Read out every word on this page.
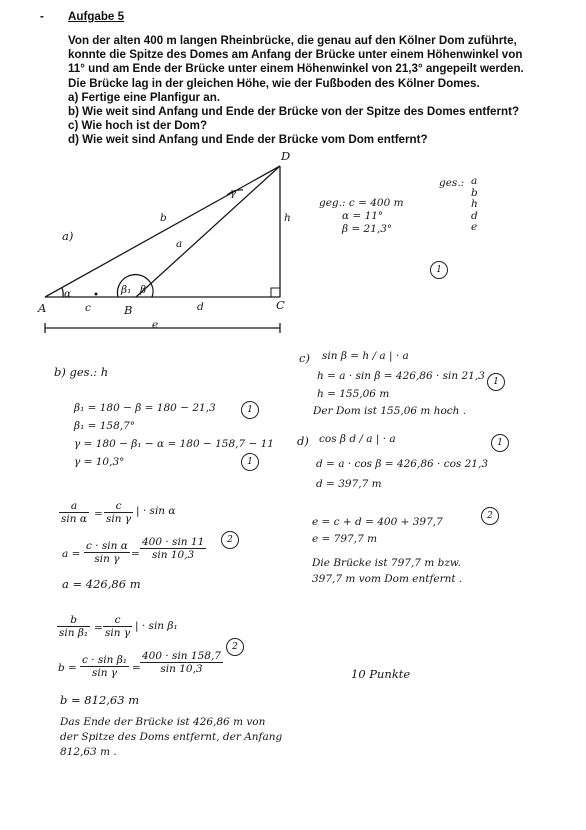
- Aufgabe 5

Von der alten 400 m langen Rheinbrücke, die genau auf den Kölner Dom zuführte,

konnte die Spitze des Domes am Anfang der Brücke unter einem Höhenwinkel von

11° und am Ende der Brücke unter einem Höhenwinkel von 21,3° angepeilt werden.

Die Brücke lag in der gleichen Höhe, wie der Fußboden des Kölner Domes.

a) Fertige eine Planfigur an.

b) Wie weit sind Anfang und Ende der Brücke von der Spitze des Domes entfernt?

c) Wie hoch ist der Dom?

d) Wie weit sind Anfang und Ende der Brücke vom Dom entfernt?

a)
A	B	C
D
b
a
h
c	d
e
α	β₁ β
γ
ges.: a
b
h
d
e
geg.: c = 400 m
α = 11°
β = 21,3°
1
b) ges.: h
β₁ = 180 − β = 180 − 21,3
β₁ = 158,7°
γ = 180 − β₁ − α = 180 − 158,7 − 11
γ = 10,3°
1
1
$\frac{a}{\text{sin α}} = \frac{c}{\text{sin γ}}$ | · sin α
$a = \frac{\text{c · sin α}}{\text{sin γ}} = \frac{400 \cdot \sin 11}{\sin 10,3}$	2
a = 426,86 m
$\frac{b}{\text{sin β₁}} = \frac{c}{\text{sin γ}}$ | · sin β₁
$b = \frac{\text{c · sin β₁}}{\text{sin γ}} = \frac{400 \cdot \sin 158,7}{\sin 10,3}$
2
b = 812,63 m
Das Ende der Brücke ist 426,86 m von
der Spitze des Doms entfernt, der Anfang
812,63 m .
c) sin β = h / a | · a
h = a · sin β = 426,86 · sin 21,3
h = 155,06 m
Der Dom ist 155,06 m hoch .
1
d) cos β d / a | · a
d = a · cos β = 426,86 · cos 21,3
d = 397,7 m
1
e = c + d = 400 + 397,7
e = 797,7 m
2
Die Brücke ist 797,7 m bzw.
397,7 m vom Dom entfernt .
10 Punkte
